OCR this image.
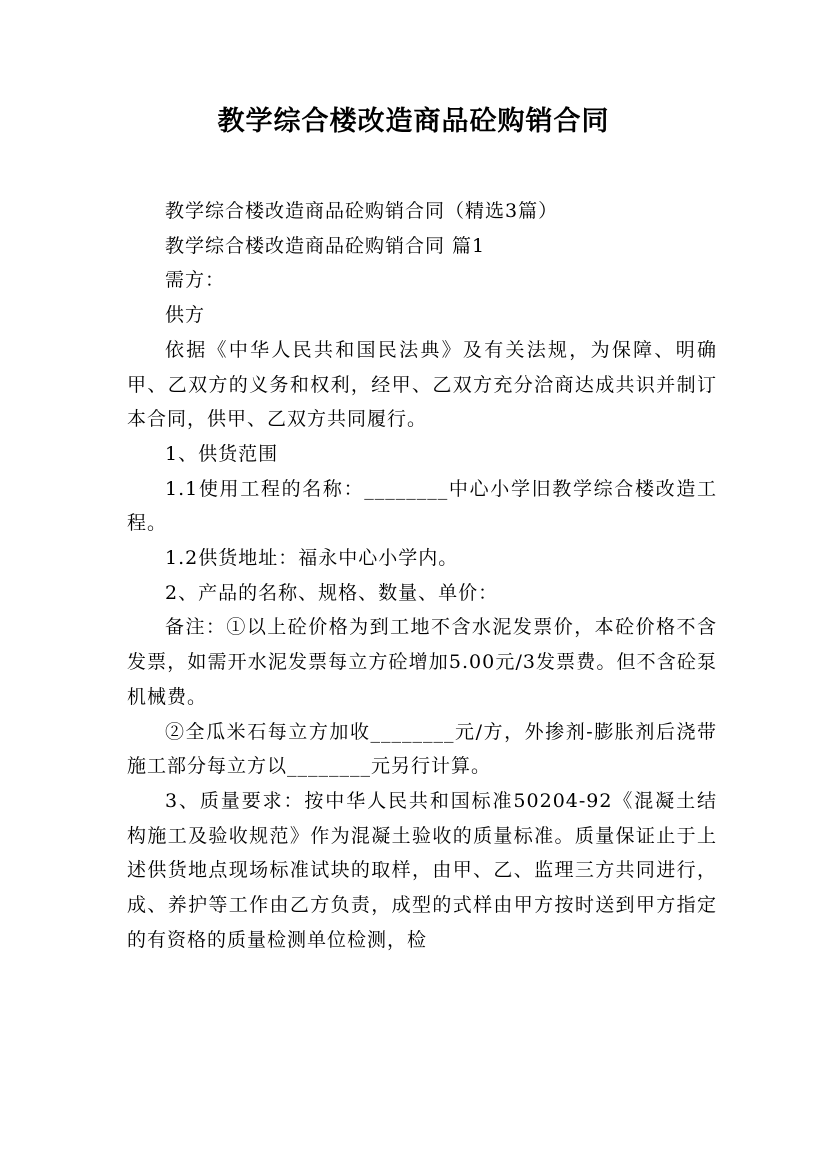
教学综合楼改造商品砼购销合同

教学综合楼改造商品砼购销合同（精选3篇）

教学综合楼改造商品砼购销合同 篇1

需方：

供方

依据《中华人民共和国民法典》及有关法规，为保障、明确甲、乙双方的义务和权利，经甲、乙双方充分洽商达成共识并制订本合同，供甲、乙双方共同履行。

1、供货范围

1.1使用工程的名称：________中心小学旧教学综合楼改造工程。

1.2供货地址：福永中心小学内。

2、产品的名称、规格、数量、单价：

备注：①以上砼价格为到工地不含水泥发票价，本砼价格不含发票，如需开水泥发票每立方砼增加5.00元/3发票费。但不含砼泵机械费。

②全瓜米石每立方加收________元/方，外掺剂-膨胀剂后浇带施工部分每立方以________元另行计算。

3、质量要求：按中华人民共和国标准50204-92《混凝土结构施工及验收规范》作为混凝土验收的质量标准。质量保证止于上述供货地点现场标准试块的取样，由甲、乙、监理三方共同进行，成、养护等工作由乙方负责，成型的式样由甲方按时送到甲方指定的有资格的质量检测单位检测，检
